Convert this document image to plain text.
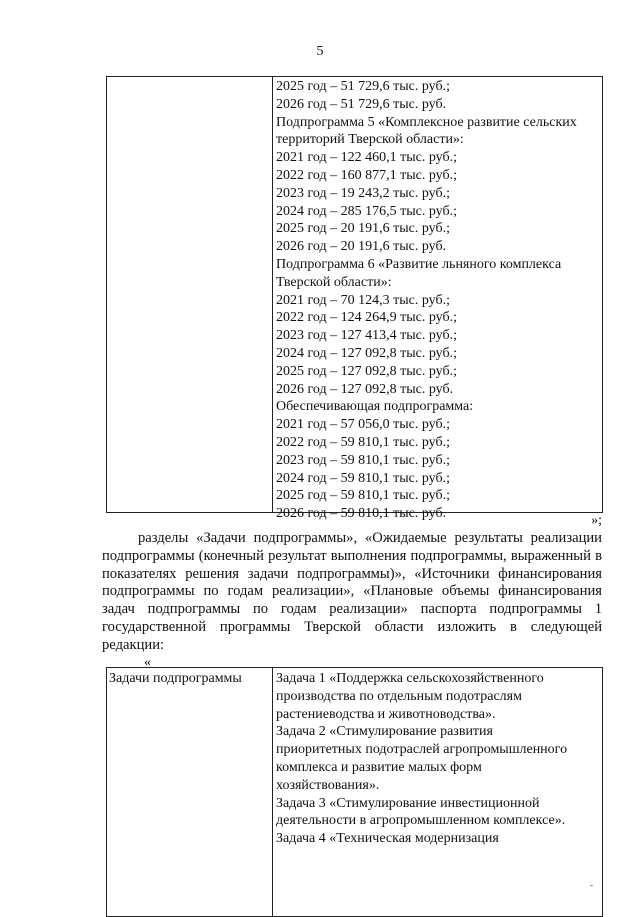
5
2025 год – 51 729,6 тыс. руб.;
2026 год – 51 729,6 тыс. руб.
Подпрограмма 5 «Комплексное развитие сельских
территорий Тверской области»:
2021 год – 122 460,1 тыс. руб.;
2022 год – 160 877,1 тыс. руб.;
2023 год – 19 243,2 тыс. руб.;
2024 год – 285 176,5 тыс. руб.;
2025 год – 20 191,6 тыс. руб.;
2026 год – 20 191,6 тыс. руб.
Подпрограмма 6 «Развитие льняного комплекса
Тверской области»:
2021 год – 70 124,3 тыс. руб.;
2022 год – 124 264,9 тыс. руб.;
2023 год – 127 413,4 тыс. руб.;
2024 год – 127 092,8 тыс. руб.;
2025 год – 127 092,8 тыс. руб.;
2026 год – 127 092,8 тыс. руб.
Обеспечивающая подпрограмма:
2021 год – 57 056,0 тыс. руб.;
2022 год – 59 810,1 тыс. руб.;
2023 год – 59 810,1 тыс. руб.;
2024 год – 59 810,1 тыс. руб.;
2025 год – 59 810,1 тыс. руб.;
2026 год – 59 810,1 тыс. руб.	»;
разделы «Задачи подпрограммы», «Ожидаемые результаты реализации подпрограммы (конечный результат выполнения подпрограммы, выраженный в показателях решения задачи подпрограммы)», «Источники финансирования подпрограммы по годам реализации», «Плановые объемы финансирования задач подпрограммы по годам реализации» паспорта подпрограммы 1 государственной программы Тверской области изложить в следующей редакции:
«
Задачи подпрограммы Задача 1 «Поддержка сельскохозяйственного
производства по отдельным подотраслям
растениеводства и животноводства».
Задача 2 «Стимулирование развития
приоритетных подотраслей агропромышленного
комплекса и развитие малых форм
хозяйствования».
Задача 3 «Стимулирование инвестиционной
деятельности в агропромышленном комплексе».
Задача 4 «Техническая модернизация
